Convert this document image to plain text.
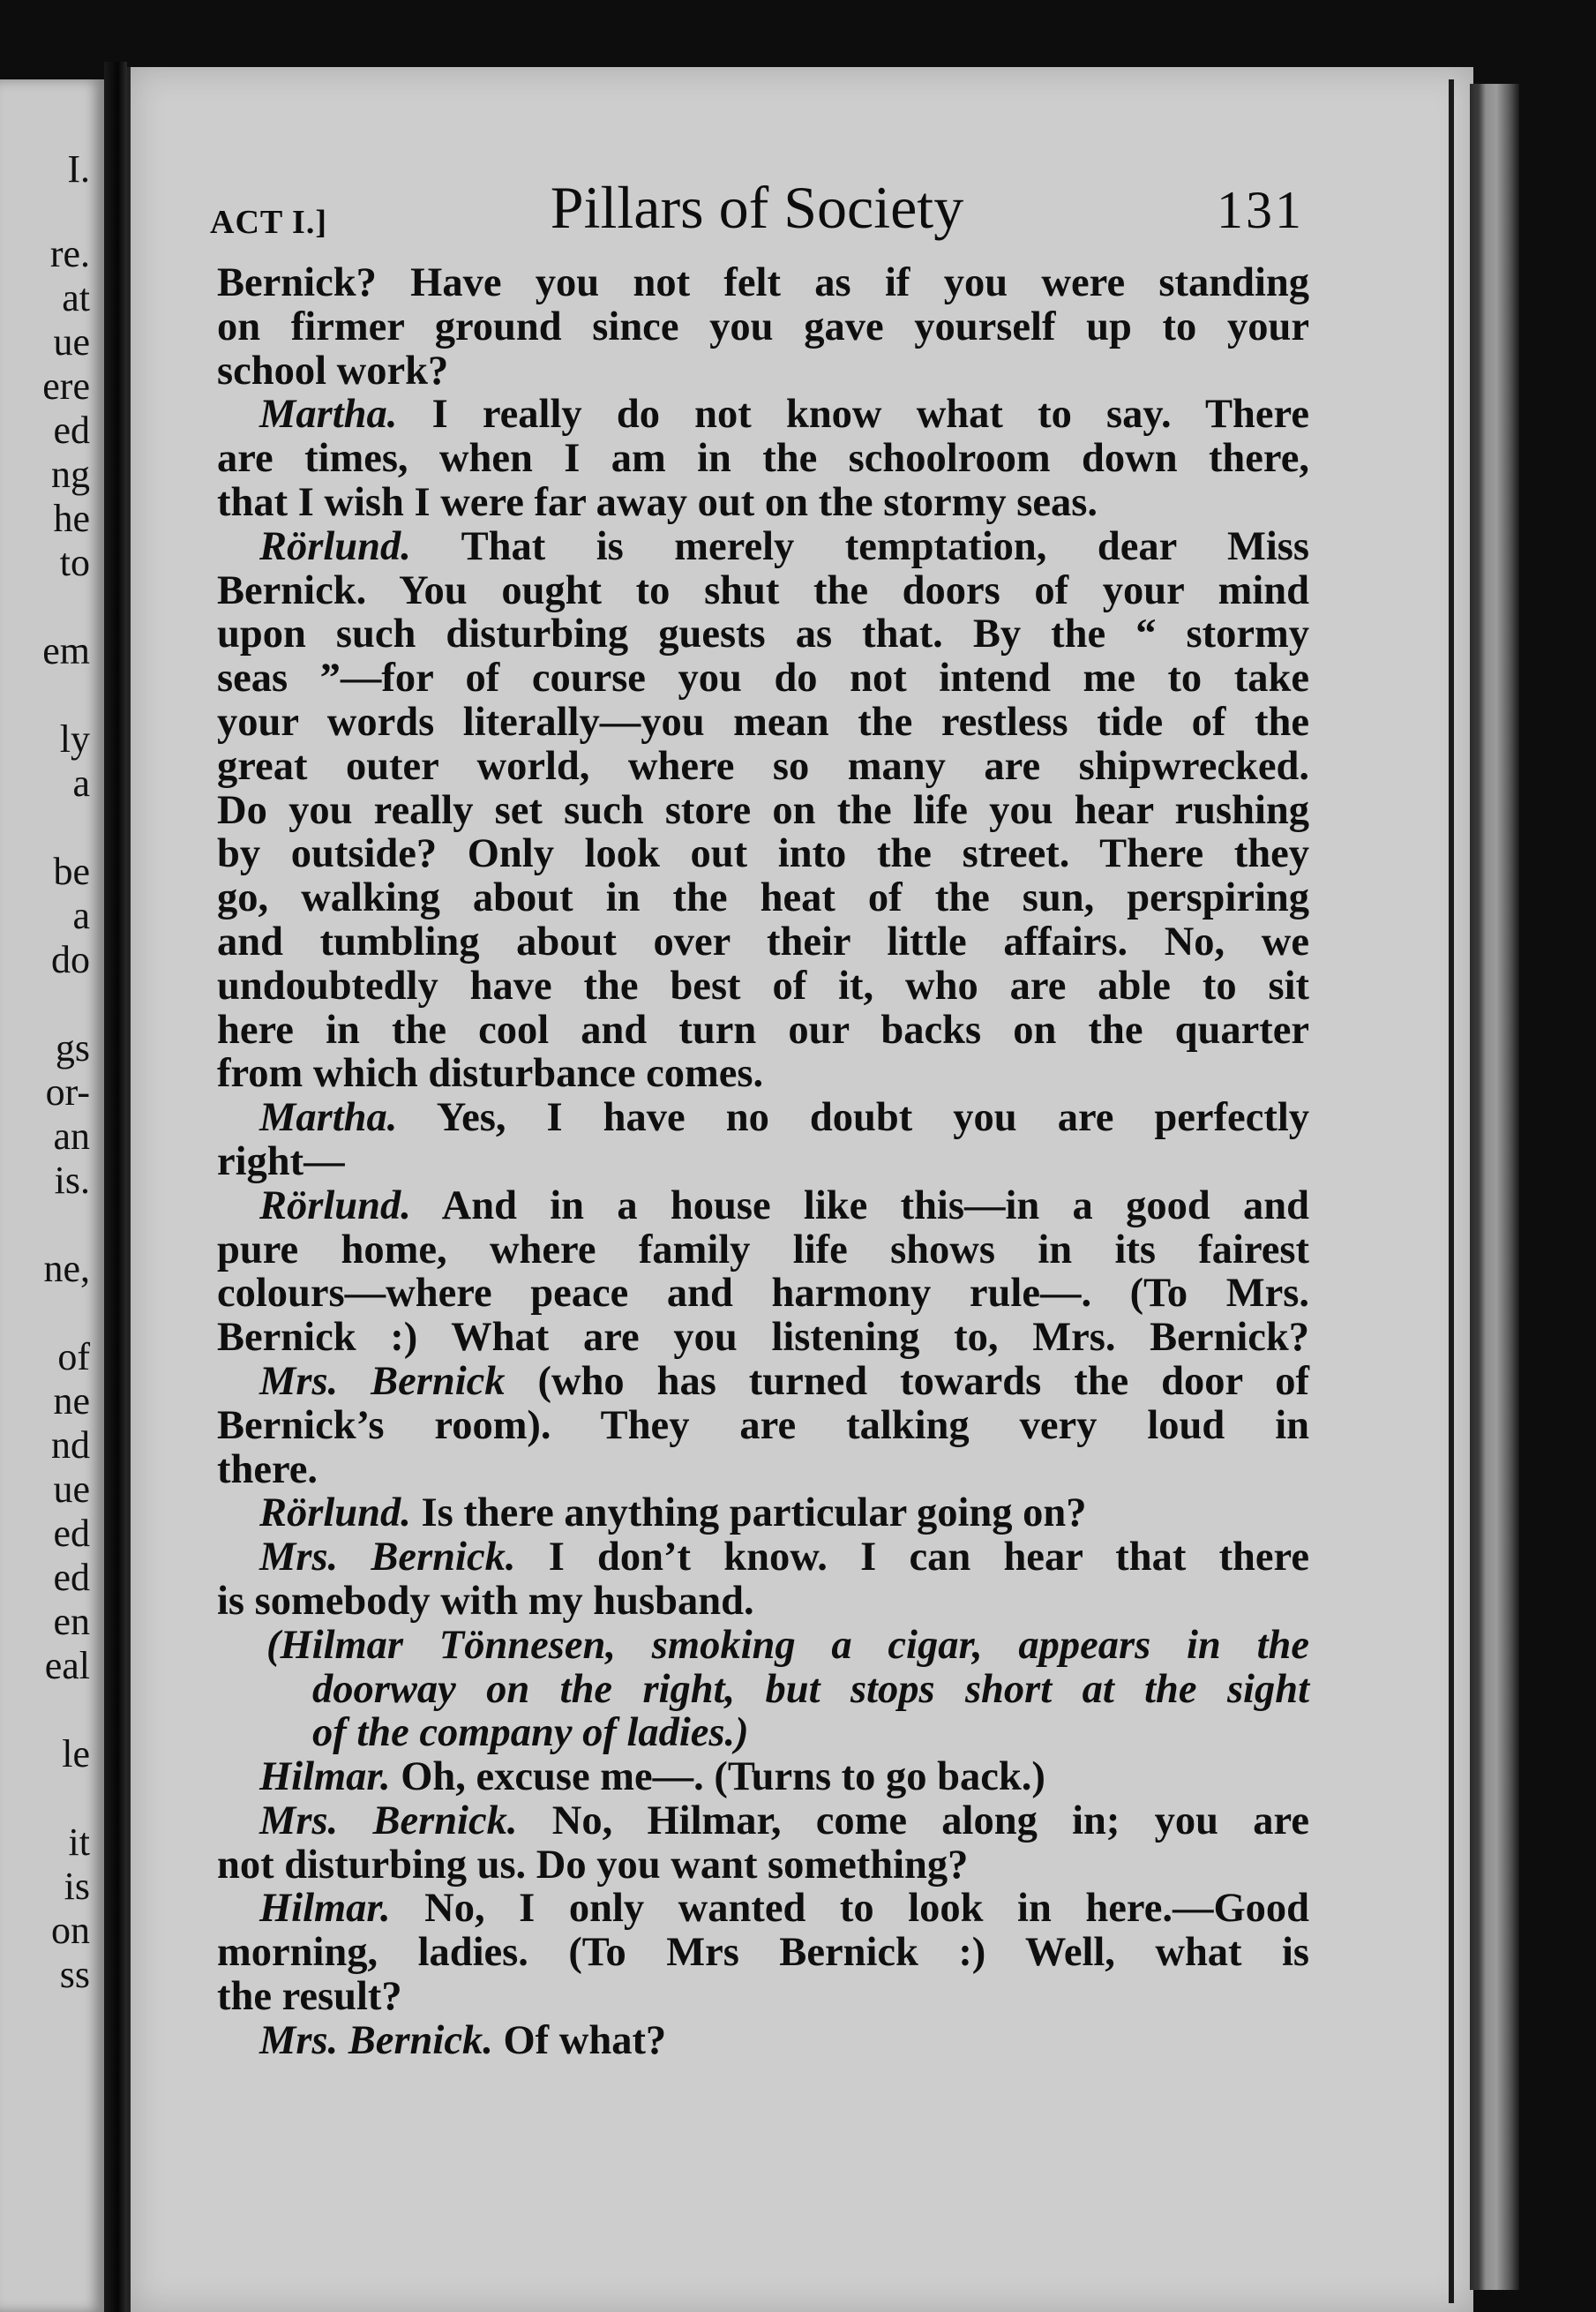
I.
re.
at
ue
ere
ed
ng
he
to
em
ly
a
be
a
do
gs
or-
an
is.
ne,
of
ne
nd
ue
ed
ed
en
eal
le
it
is
on
ss
ACT I.]	Pillars of Society	131
Bernick? Have you not felt as if you were standing
on firmer ground since you gave yourself up to your
school work?
Martha. I really do not know what to say. There
are times, when I am in the schoolroom down there,
that I wish I were far away out on the stormy seas.
Rörlund. That is merely temptation, dear Miss
Bernick. You ought to shut the doors of your mind
upon such disturbing guests as that. By the “ stormy
seas ”—for of course you do not intend me to take
your words literally—you mean the restless tide of the
great outer world, where so many are shipwrecked.
Do you really set such store on the life you hear rushing
by outside? Only look out into the street. There they
go, walking about in the heat of the sun, perspiring
and tumbling about over their little affairs. No, we
undoubtedly have the best of it, who are able to sit
here in the cool and turn our backs on the quarter
from which disturbance comes.
Martha. Yes, I have no doubt you are perfectly
right—
Rörlund. And in a house like this—in a good and
pure home, where family life shows in its fairest
colours—where peace and harmony rule—. (To Mrs.
Bernick :) What are you listening to, Mrs. Bernick?
Mrs. Bernick (who has turned towards the door of
Bernick’s room). They are talking very loud in
there.
Rörlund. Is there anything particular going on?
Mrs. Bernick. I don’t know. I can hear that there
is somebody with my husband.
(Hilmar Tönnesen, smoking a cigar, appears in the
doorway on the right, but stops short at the sight
of the company of ladies.)
Hilmar. Oh, excuse me—. (Turns to go back.)
Mrs. Bernick. No, Hilmar, come along in; you are
not disturbing us. Do you want something?
Hilmar. No, I only wanted to look in here.—Good
morning, ladies. (To Mrs Bernick :) Well, what is
the result?
Mrs. Bernick. Of what?
